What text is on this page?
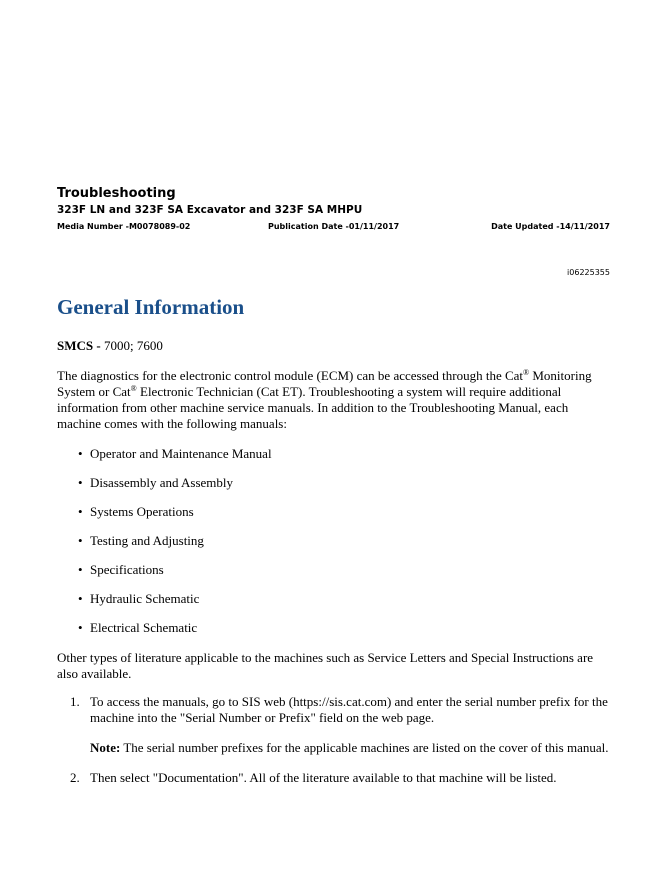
Troubleshooting
323F LN and 323F SA Excavator and 323F SA MHPU
Media Number -M0078089-02	Publication Date -01/11/2017	Date Updated -14/11/2017
i06225355
General Information
SMCS - 7000; 7600
The diagnostics for the electronic control module (ECM) can be accessed through the Cat® Monitoring System or Cat® Electronic Technician (Cat ET). Troubleshooting a system will require additional information from other machine service manuals. In addition to the Troubleshooting Manual, each machine comes with the following manuals:
• Operator and Maintenance Manual
• Disassembly and Assembly
• Systems Operations
• Testing and Adjusting
• Specifications
• Hydraulic Schematic
• Electrical Schematic
Other types of literature applicable to the machines such as Service Letters and Special Instructions are also available.
1. To access the manuals, go to SIS web (https://sis.cat.com) and enter the serial number prefix for the machine into the "Serial Number or Prefix" field on the web page.
Note: The serial number prefixes for the applicable machines are listed on the cover of this manual.
2. Then select "Documentation". All of the literature available to that machine will be listed.
